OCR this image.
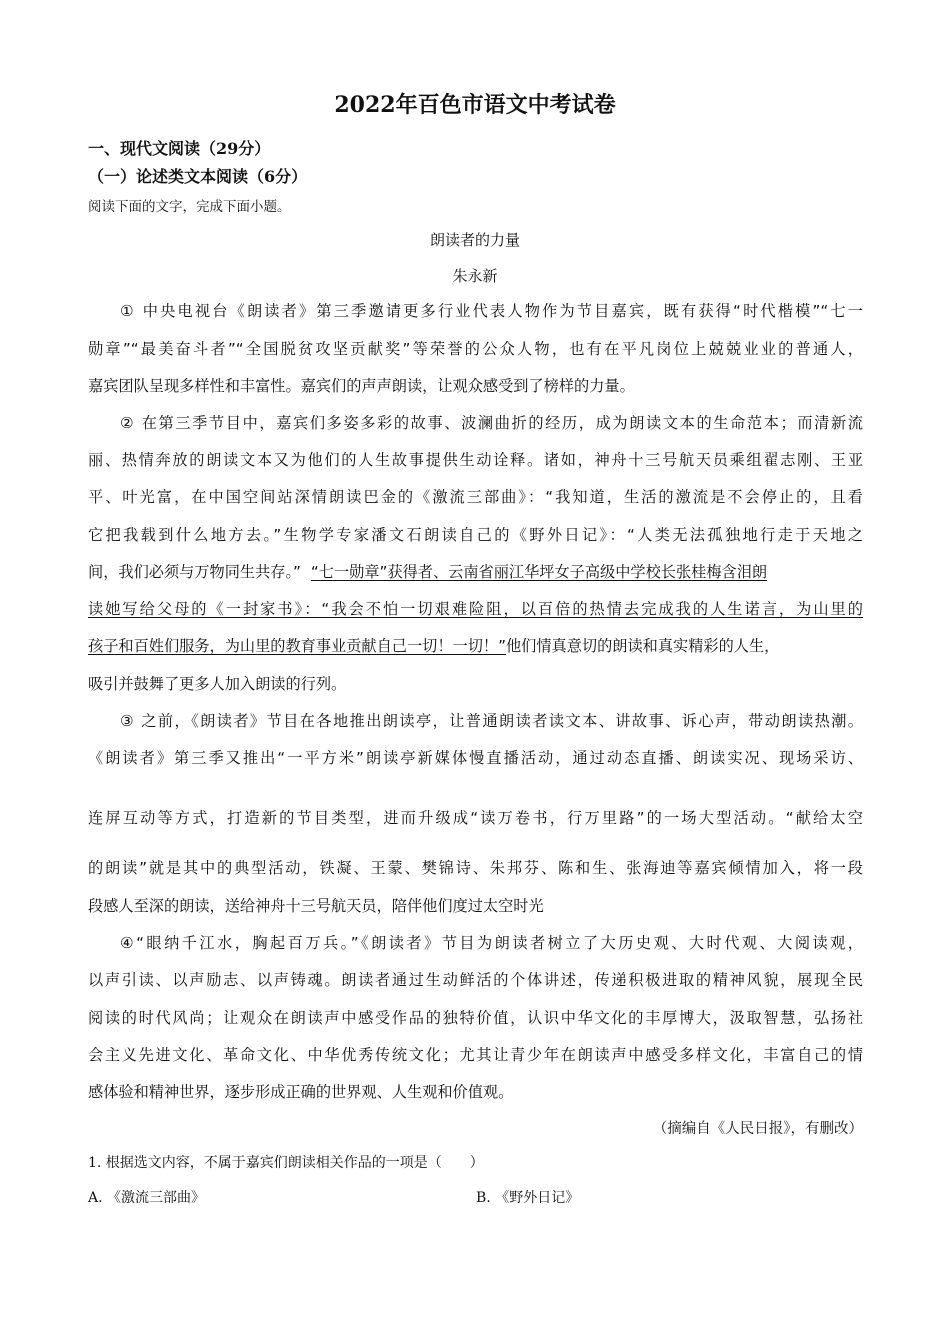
2022年百色市语文中考试卷
一、现代文阅读（29分）
（一）论述类文本阅读（6分）
阅读下面的文字，完成下面小题。
朗读者的力量
朱永新
① 中央电视台《朗读者》第三季邀请更多行业代表人物作为节目嘉宾，既有获得“时代楷模”“七一
勋章”“最美奋斗者”“全国脱贫攻坚贡献奖”等荣誉的公众人物，也有在平凡岗位上兢兢业业的普通人，
嘉宾团队呈现多样性和丰富性。嘉宾们的声声朗读，让观众感受到了榜样的力量。
② 在第三季节目中，嘉宾们多姿多彩的故事、波澜曲折的经历，成为朗读文本的生命范本；而清新流
丽、热情奔放的朗读文本又为他们的人生故事提供生动诠释。诸如，神舟十三号航天员乘组翟志刚、王亚
平、叶光富，在中国空间站深情朗读巴金的《激流三部曲》：“我知道，生活的激流是不会停止的，且看
它把我载到什么地方去。”生物学专家潘文石朗读自己的《野外日记》：“人类无法孤独地行走于天地之
间，我们必须与万物同生共存。” “七一勋章”获得者、云南省丽江华坪女子高级中学校长张桂梅含泪朗
读她写给父母的《一封家书》：“我会不怕一切艰难险阻，以百倍的热情去完成我的人生诺言，为山里的
孩子和百姓们服务，为山里的教育事业贡献自己一切！一切！”他们情真意切的朗读和真实精彩的人生，
吸引并鼓舞了更多人加入朗读的行列。
③ 之前，《朗读者》节目在各地推出朗读亭，让普通朗读者读文本、讲故事、诉心声，带动朗读热潮。
《朗读者》第三季又推出“一平方米”朗读亭新媒体慢直播活动，通过动态直播、朗读实况、现场采访、
连屏互动等方式，打造新的节目类型，进而升级成“读万卷书，行万里路”的一场大型活动。“献给太空
的朗读”就是其中的典型活动，铁凝、王蒙、樊锦诗、朱邦芬、陈和生、张海迪等嘉宾倾情加入，将一段
段感人至深的朗读，送给神舟十三号航天员，陪伴他们度过太空时光
④“眼纳千江水，胸起百万兵。”《朗读者》节目为朗读者树立了大历史观、大时代观、大阅读观，
以声引读、以声励志、以声铸魂。朗读者通过生动鲜活的个体讲述，传递积极进取的精神风貌，展现全民
阅读的时代风尚；让观众在朗读声中感受作品的独特价值，认识中华文化的丰厚博大，汲取智慧，弘扬社
会主义先进文化、革命文化、中华优秀传统文化；尤其让青少年在朗读声中感受多样文化，丰富自己的情
感体验和精神世界，逐步形成正确的世界观、人生观和价值观。
（摘编自《人民日报》，有删改）
1. 根据选文内容，不属于嘉宾们朗读相关作品的一项是（　　）
A. 《激流三部曲》	B. 《野外日记》
